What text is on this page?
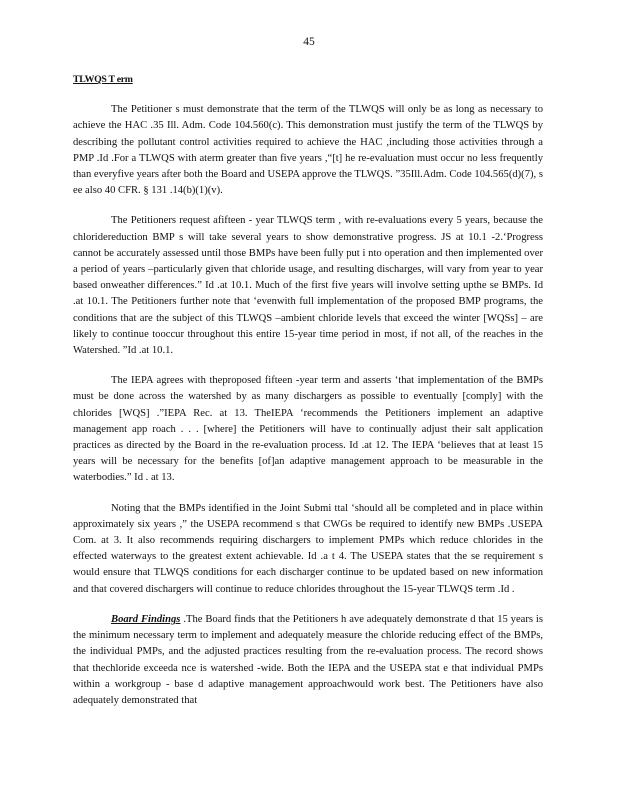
45
TLWQS T erm

The Petitioner s must demonstrate that the term of the TLWQS will only be as long as necessary to achieve the HAC .35 Ill. Adm. Code 104.560(c). This demonstration must justify the term of the TLWQS by describing the pollutant control activities required to achieve the HAC ,including those activities through a PMP .Id .For a TLWQS with aterm greater than five years ,“[t] he re-evaluation must occur no less frequently than everyfive years after both the Board and USEPA approve the TLWQS. ”35Ill.Adm. Code 104.565(d)(7), s ee also 40 CFR. § 131 .14(b)(1)(v).

The Petitioners request afifteen - year TLWQS term , with re-evaluations every 5 years, because the chloridereduction BMP s will take several years to show demonstrative progress. JS at 10.1 -2.‘Progress cannot be accurately assessed until those BMPs have been fully put i nto operation and then implemented over a period of years –particularly given that chloride usage, and resulting discharges, will vary from year to year based onweather differences.” Id .at 10.1. Much of the first five years will involve setting upthe se BMPs. Id .at 10.1. The Petitioners further note that ‘evenwith full implementation of the proposed BMP programs, the conditions that are the subject of this TLWQS –ambient chloride levels that exceed the winter [WQSs] – are likely to continue tooccur throughout this entire 15-year time period in most, if not all, of the reaches in the Watershed. ”Id .at 10.1.

The IEPA agrees with theproposed fifteen -year term and asserts ‘that implementation of the BMPs must be done across the watershed by as many dischargers as possible to eventually [comply] with the chlorides [WQS] .”IEPA Rec. at 13. TheIEPA ‘recommends the Petitioners implement an adaptive management app roach . . . [where] the Petitioners will have to continually adjust their salt application practices as directed by the Board in the re-evaluation process. Id .at 12. The IEPA ‘believes that at least 15 years will be necessary for the benefits [of]an adaptive management approach to be measurable in the waterbodies.” Id . at 13.

Noting that the BMPs identified in the Joint Submi ttal ‘should all be completed and in place within approximately six years ,” the USEPA recommend s that CWGs be required to identify new BMPs .USEPA Com. at 3. It also recommends requiring dischargers to implement PMPs which reduce chlorides in the effected waterways to the greatest extent achievable. Id .a t 4. The USEPA states that the se requirement s would ensure that TLWQS conditions for each discharger continue to be updated based on new information and that covered dischargers will continue to reduce chlorides throughout the 15-year TLWQS term .Id .

Board Findings .The Board finds that the Petitioners h ave adequately demonstrate d that 15 years is the minimum necessary term to implement and adequately measure the chloride reducing effect of the BMPs, the individual PMPs, and the adjusted practices resulting from the re-evaluation process. The record shows that thechloride exceeda nce is watershed -wide. Both the IEPA and the USEPA stat e that individual PMPs within a workgroup - base d adaptive management approachwould work best. The Petitioners have also adequately demonstrated that
